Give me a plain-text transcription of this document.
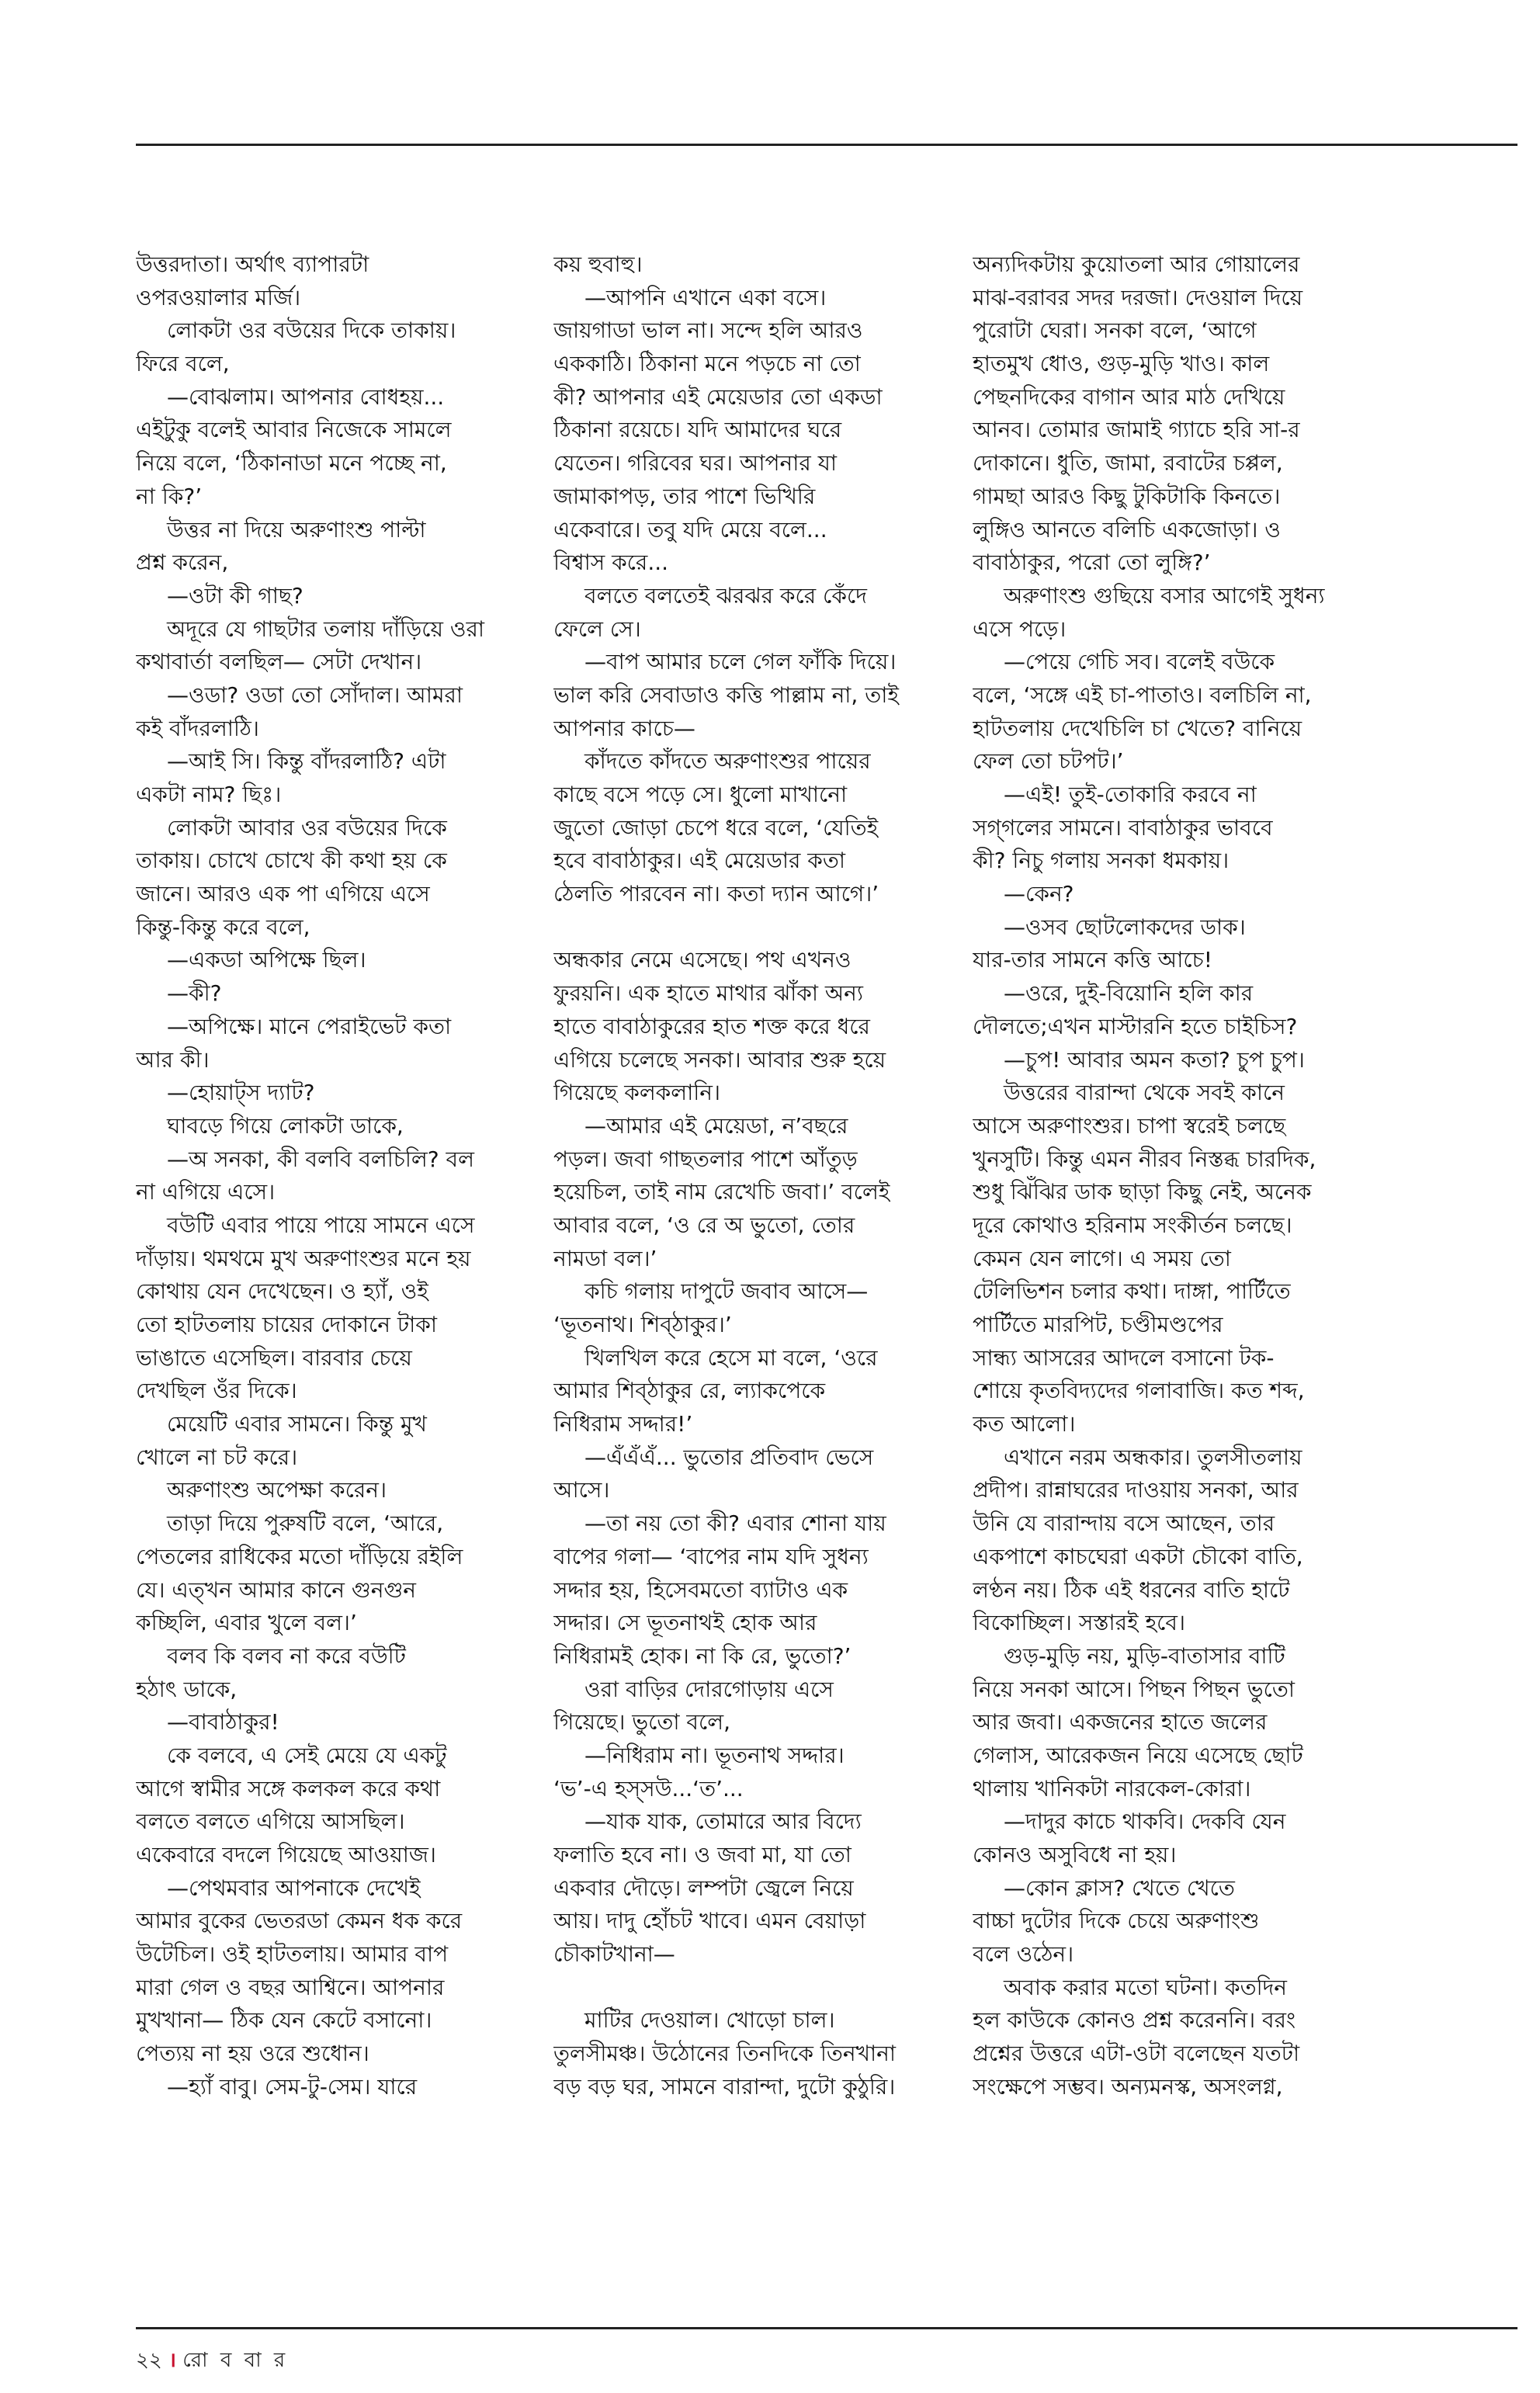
উত্তরদাতা। অর্থাৎ ব্যাপারটা
ওপরওয়ালার মর্জি।
লোকটা ওর বউয়ের দিকে তাকায়।
ফিরে বলে,
—বোঝলাম। আপনার বোধহয়...
এইটুকু বলেই আবার নিজেকে সামলে
নিয়ে বলে, ‘ঠিকানাডা মনে পচ্ছে না,
না কি?’
উত্তর না দিয়ে অরুণাংশু পাল্টা
প্রশ্ন করেন,
—ওটা কী গাছ?
অদূরে যে গাছটার তলায় দাঁড়িয়ে ওরা
কথাবার্তা বলছিল— সেটা দেখান।
—ওডা? ওডা তো সোঁদাল। আমরা
কই বাঁদরলাঠি।
—আই সি। কিন্তু বাঁদরলাঠি? এটা
একটা নাম? ছিঃ।
লোকটা আবার ওর বউয়ের দিকে
তাকায়। চোখে চোখে কী কথা হয় কে
জানে। আরও এক পা এগিয়ে এসে
কিন্তু-কিন্তু করে বলে,
—একডা অপিক্ষে ছিল।
—কী?
—অপিক্ষে। মানে পেরাইভেট কতা
আর কী।
—হোয়াট্‌স দ্যাট?
ঘাবড়ে গিয়ে লোকটা ডাকে,
—অ সনকা, কী বলবি বলচিলি? বল
না এগিয়ে এসে।
বউটি এবার পায়ে পায়ে সামনে এসে
দাঁড়ায়। থমথমে মুখ অরুণাংশুর মনে হয়
কোথায় যেন দেখেছেন। ও হ্যাঁ, ওই
তো হাটতলায় চায়ের দোকানে টাকা
ভাঙাতে এসেছিল। বারবার চেয়ে
দেখছিল ওঁর দিকে।
মেয়েটি এবার সামনে। কিন্তু মুখ
খোলে না চট করে।
অরুণাংশু অপেক্ষা করেন।
তাড়া দিয়ে পুরুষটি বলে, ‘আরে,
পেতলের রাধিকের মতো দাঁড়িয়ে রইলি
যে। এত্‌খন আমার কানে গুনগুন
কচ্ছিলি, এবার খুলে বল।’
বলব কি বলব না করে বউটি
হঠাৎ ডাকে,
—বাবাঠাকুর!
কে বলবে, এ সেই মেয়ে যে একটু
আগে স্বামীর সঙ্গে কলকল করে কথা
বলতে বলতে এগিয়ে আসছিল।
একেবারে বদলে গিয়েছে আওয়াজ।
—পেথমবার আপনাকে দেখেই
আমার বুকের ভেতরডা কেমন ধক করে
উটেচিল। ওই হাটতলায়। আমার বাপ
মারা গেল ও বছর আশ্বিনে। আপনার
মুখখানা— ঠিক যেন কেটে বসানো।
পেত্যয় না হয় ওরে শুধোন।
—হ্যাঁ বাবু। সেম-টু-সেম। যারে
কয় হুবাহু।
—আপনি এখানে একা বসে।
জায়গাডা ভাল না। সন্দে হলি আরও
এককাঠি। ঠিকানা মনে পড়চে না তো
কী? আপনার এই মেয়েডার তো একডা
ঠিকানা রয়েচে। যদি আমাদের ঘরে
যেতেন। গরিবের ঘর। আপনার যা
জামাকাপড়, তার পাশে ভিখিরি
একেবারে। তবু যদি মেয়ে বলে...
বিশ্বাস করে...
বলতে বলতেই ঝরঝর করে কেঁদে
ফেলে সে।
—বাপ আমার চলে গেল ফাঁকি দিয়ে।
ভাল করি সেবাডাও কত্তি পাল্লাম না, তাই
আপনার কাচে—
কাঁদতে কাঁদতে অরুণাংশুর পায়ের
কাছে বসে পড়ে সে। ধুলো মাখানো
জুতো জোড়া চেপে ধরে বলে, ‘যেতিই
হবে বাবাঠাকুর। এই মেয়েডার কতা
ঠেলতি পারবেন না। কতা দ্যান আগে।’
অন্ধকার নেমে এসেছে। পথ এখনও
ফুরয়নি। এক হাতে মাথার ঝাঁকা অন্য
হাতে বাবাঠাকুরের হাত শক্ত করে ধরে
এগিয়ে চলেছে সনকা। আবার শুরু হয়ে
গিয়েছে কলকলানি।
—আমার এই মেয়েডা, ন’বছরে
পড়ল। জবা গাছতলার পাশে আঁতুড়
হয়েচিল, তাই নাম রেখেচি জবা।’ বলেই
আবার বলে, ‘ও রে অ ভুতো, তোর
নামডা বল।’
কচি গলায় দাপুটে জবাব আসে—
‘ভূতনাথ। শিব্‌ঠাকুর।’
খিলখিল করে হেসে মা বলে, ‘ওরে
আমার শিব্‌ঠাকুর রে, ল্যাকপেকে
নিধিরাম সদ্দার!’
—এঁএঁএঁ... ভুতোর প্রতিবাদ ভেসে
আসে।
—তা নয় তো কী? এবার শোনা যায়
বাপের গলা— ‘বাপের নাম যদি সুধন্য
সদ্দার হয়, হিসেবমতো ব্যাটাও এক
সদ্দার। সে ভূতনাথই হোক আর
নিধিরামই হোক। না কি রে, ভুতো?’
ওরা বাড়ির দোরগোড়ায় এসে
গিয়েছে। ভুতো বলে,
—নিধিরাম না। ভূতনাথ সদ্দার।
‘ভ’-এ হস্‌সউ...‘ত’...
—যাক যাক, তোমারে আর বিদ্যে
ফলাতি হবে না। ও জবা মা, যা তো
একবার দৌড়ে। লম্পটা জ্বেলে নিয়ে
আয়। দাদু হোঁচট খাবে। এমন বেয়াড়া
চৌকাটখানা—
মাটির দেওয়াল। খোড়ো চাল।
তুলসীমঞ্চ। উঠোনের তিনদিকে তিনখানা
বড় বড় ঘর, সামনে বারান্দা, দুটো কুঠুরি।
অন্যদিকটায় কুয়োতলা আর গোয়ালের
মাঝ-বরাবর সদর দরজা। দেওয়াল দিয়ে
পুরোটা ঘেরা। সনকা বলে, ‘আগে
হাতমুখ ধোও, গুড়-মুড়ি খাও। কাল
পেছনদিকের বাগান আর মাঠ দেখিয়ে
আনব। তোমার জামাই গ্যাচে হরি সা-র
দোকানে। ধুতি, জামা, রবাটের চপ্পল,
গামছা আরও কিছু টুকিটাকি কিনতে।
লুঙ্গিও আনতে বলিচি একজোড়া। ও
বাবাঠাকুর, পরো তো লুঙ্গি?’
অরুণাংশু গুছিয়ে বসার আগেই সুধন্য
এসে পড়ে।
—পেয়ে গেচি সব। বলেই বউকে
বলে, ‘সঙ্গে এই চা-পাতাও। বলচিলি না,
হাটতলায় দেখেচিলি চা খেতে? বানিয়ে
ফেল তো চটপট।’
—এই! তুই-তোকারি করবে না
সগ্‌গলের সামনে। বাবাঠাকুর ভাববে
কী? নিচু গলায় সনকা ধমকায়।
—কেন?
—ওসব ছোটলোকদের ডাক।
যার-তার সামনে কত্তি আচে!
—ওরে, দুই-বিয়োনি হলি কার
দৌলতে;এখন মাস্টারনি হতে চাইচিস?
—চুপ! আবার অমন কতা? চুপ চুপ।
উত্তরের বারান্দা থেকে সবই কানে
আসে অরুণাংশুর। চাপা স্বরেই চলছে
খুনসুটি। কিন্তু এমন নীরব নিস্তব্ধ চারদিক,
শুধু ঝিঁঝির ডাক ছাড়া কিছু নেই, অনেক
দূরে কোথাও হরিনাম সংকীর্তন চলছে।
কেমন যেন লাগে। এ সময় তো
টেলিভিশন চলার কথা। দাঙ্গা, পার্টিতে
পার্টিতে মারপিট, চণ্ডীমণ্ডপের
সান্ধ্য আসরের আদলে বসানো টক-
শোয়ে কৃতবিদ্যদের গলাবাজি। কত শব্দ,
কত আলো।
এখানে নরম অন্ধকার। তুলসীতলায়
প্রদীপ। রান্নাঘরের দাওয়ায় সনকা, আর
উনি যে বারান্দায় বসে আছেন, তার
একপাশে কাচঘেরা একটা চৌকো বাতি,
লণ্ঠন নয়। ঠিক এই ধরনের বাতি হাটে
বিকোচ্ছিল। সস্তারই হবে।
গুড়-মুড়ি নয়, মুড়ি-বাতাসার বাটি
নিয়ে সনকা আসে। পিছন পিছন ভুতো
আর জবা। একজনের হাতে জলের
গেলাস, আরেকজন নিয়ে এসেছে ছোট
থালায় খানিকটা নারকেল-কোরা।
—দাদুর কাচে থাকবি। দেকবি যেন
কোনও অসুবিধে না হয়।
—কোন ক্লাস? খেতে খেতে
বাচ্চা দুটোর দিকে চেয়ে অরুণাংশু
বলে ওঠেন।
অবাক করার মতো ঘটনা। কতদিন
হল কাউকে কোনও প্রশ্ন করেননি। বরং
প্রশ্নের উত্তরে এটা-ওটা বলেছেন যতটা
সংক্ষেপে সম্ভব। অন্যমনস্ক, অসংলগ্ন,
২২ । রো ব বা র
